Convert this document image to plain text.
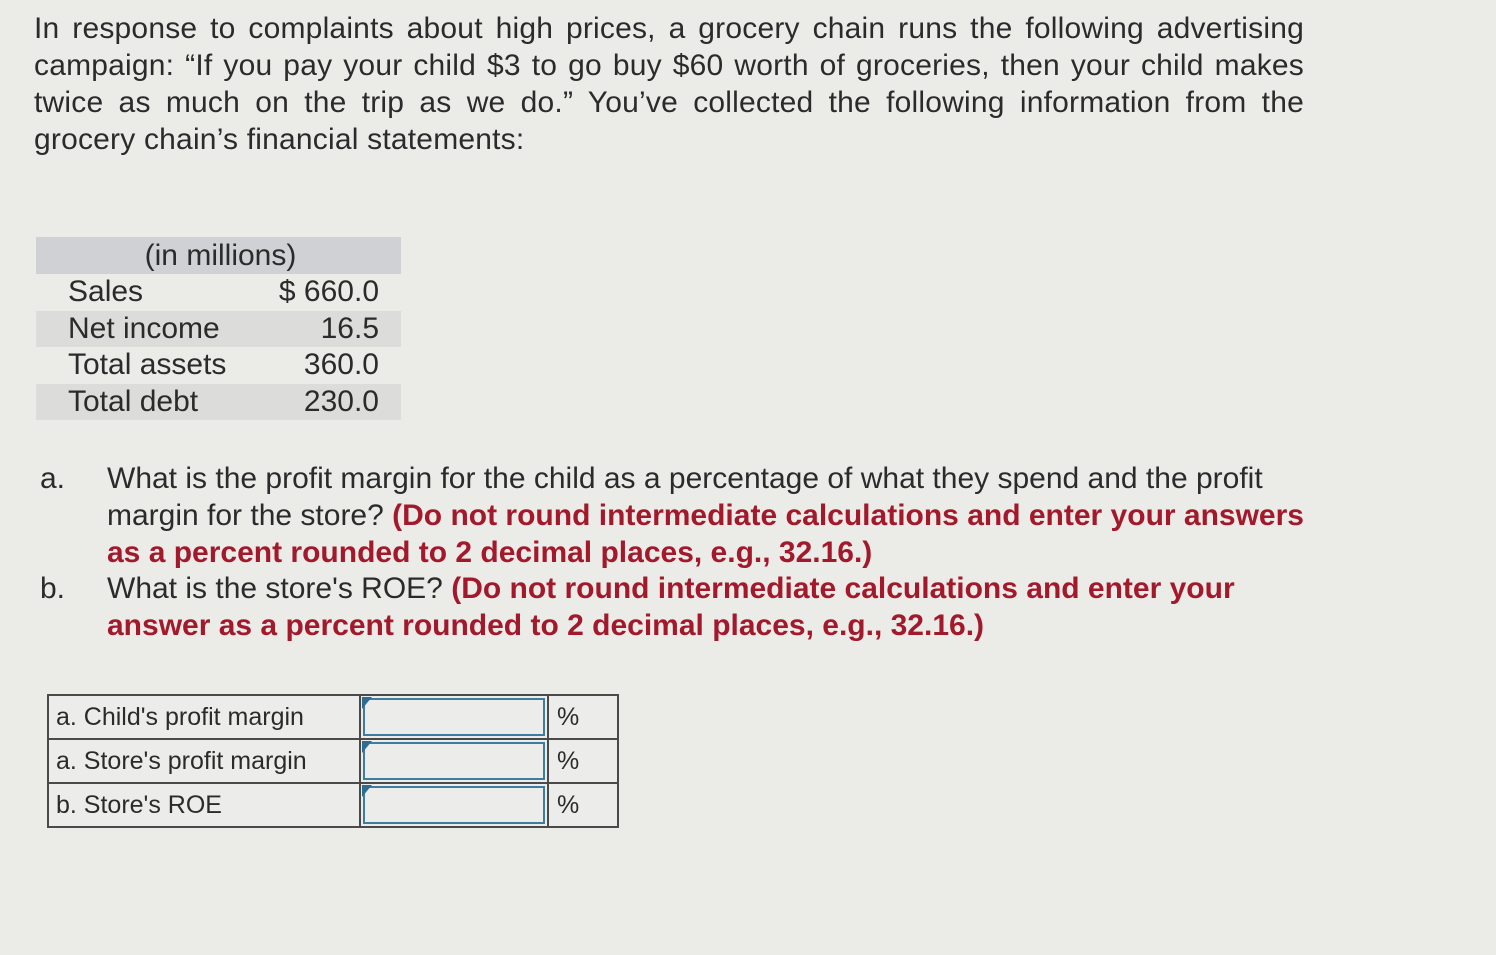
In response to complaints about high prices, a grocery chain runs the following advertising campaign: “If you pay your child $3 to go buy $60 worth of groceries, then your child makes twice as much on the trip as we do.” You’ve collected the following information from the grocery chain’s financial statements:
(in millions)
Sales	$ 660.0
Net income	16.5
Total assets	360.0
Total debt	230.0
a. What is the profit margin for the child as a percentage of what they spend and the profit margin for the store? (Do not round intermediate calculations and enter your answers as a percent rounded to 2 decimal places, e.g., 32.16.)
b. What is the store's ROE? (Do not round intermediate calculations and enter your answer as a percent rounded to 2 decimal places, e.g., 32.16.)
a. Child's profit margin		%
a. Store's profit margin		%
b. Store's ROE		%
